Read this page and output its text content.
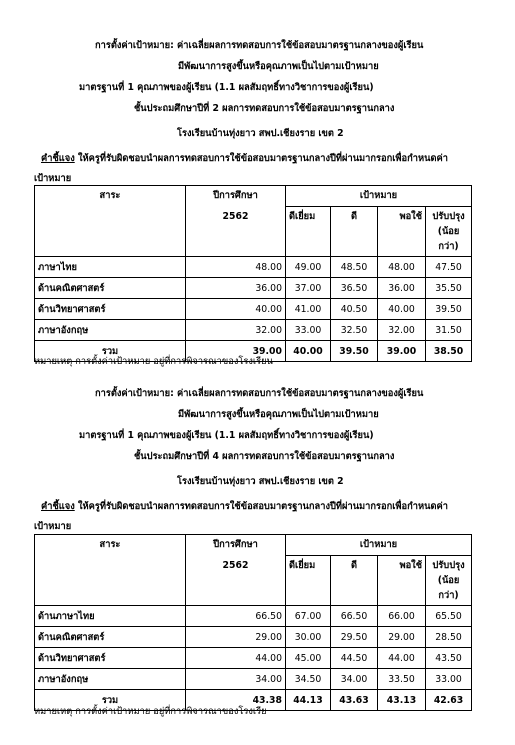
การตั้งค่าเป้าหมาย: ค่าเฉลี่ยผลการทดสอบการใช้ข้อสอบมาตรฐานกลางของผู้เรียน
มีพัฒนาการสูงขึ้นหรือคุณภาพเป็นไปตามเป้าหมาย
มาตรฐานที่ 1 คุณภาพของผู้เรียน (1.1 ผลสัมฤทธิ์ทางวิชาการของผู้เรียน)
ชั้นประถมศึกษาปีที่ 2 ผลการทดสอบการใช้ข้อสอบมาตรฐานกลาง
โรงเรียนบ้านทุ่งยาว สพป.เชียงราย เขต 2
คำชี้แจง ให้ครูที่รับผิดชอบนำผลการทดสอบการใช้ข้อสอบมาตรฐานกลางปีที่ผ่านมากรอกเพื่อกำหนดค่า
เป้าหมาย
สาระ	ปีการศึกษา
2562	เป้าหมาย			
		ดีเยี่ยม	ดี	พอใช้	ปรับปรุง
(น้อยกว่า)

ภาษาไทย	48.00	49.00	48.50	48.00	47.50
ด้านคณิตศาสตร์	36.00	37.00	36.50	36.00	35.50
ด้านวิทยาศาสตร์	40.00	41.00	40.50	40.00	39.50
ภาษาอังกฤษ	32.00	33.00	32.50	32.00	31.50
รวม	39.00	40.00	39.50	39.00	38.50
หมายเหตุ การตั้งค่าเป้าหมาย อยู่ที่การพิจารณาของโรงเรียน
การตั้งค่าเป้าหมาย: ค่าเฉลี่ยผลการทดสอบการใช้ข้อสอบมาตรฐานกลางของผู้เรียน
มีพัฒนาการสูงขึ้นหรือคุณภาพเป็นไปตามเป้าหมาย
มาตรฐานที่ 1 คุณภาพของผู้เรียน (1.1 ผลสัมฤทธิ์ทางวิชาการของผู้เรียน)
ชั้นประถมศึกษาปีที่ 4 ผลการทดสอบการใช้ข้อสอบมาตรฐานกลาง
โรงเรียนบ้านทุ่งยาว สพป.เชียงราย เขต 2
คำชี้แจง ให้ครูที่รับผิดชอบนำผลการทดสอบการใช้ข้อสอบมาตรฐานกลางปีที่ผ่านมากรอกเพื่อกำหนดค่า
เป้าหมาย
สาระ	ปีการศึกษา
2562	เป้าหมาย			
		ดีเยี่ยม	ดี	พอใช้	ปรับปรุง
(น้อยกว่า)

ด้านภาษาไทย	66.50	67.00	66.50	66.00	65.50
ด้านคณิตศาสตร์	29.00	30.00	29.50	29.00	28.50
ด้านวิทยาศาสตร์	44.00	45.00	44.50	44.00	43.50
ภาษาอังกฤษ	34.00	34.50	34.00	33.50	33.00
รวม	43.38	44.13	43.63	43.13	42.63
หมายเหตุ การตั้งค่าเป้าหมาย อยู่ที่การพิจารณาของโรงเรีย
